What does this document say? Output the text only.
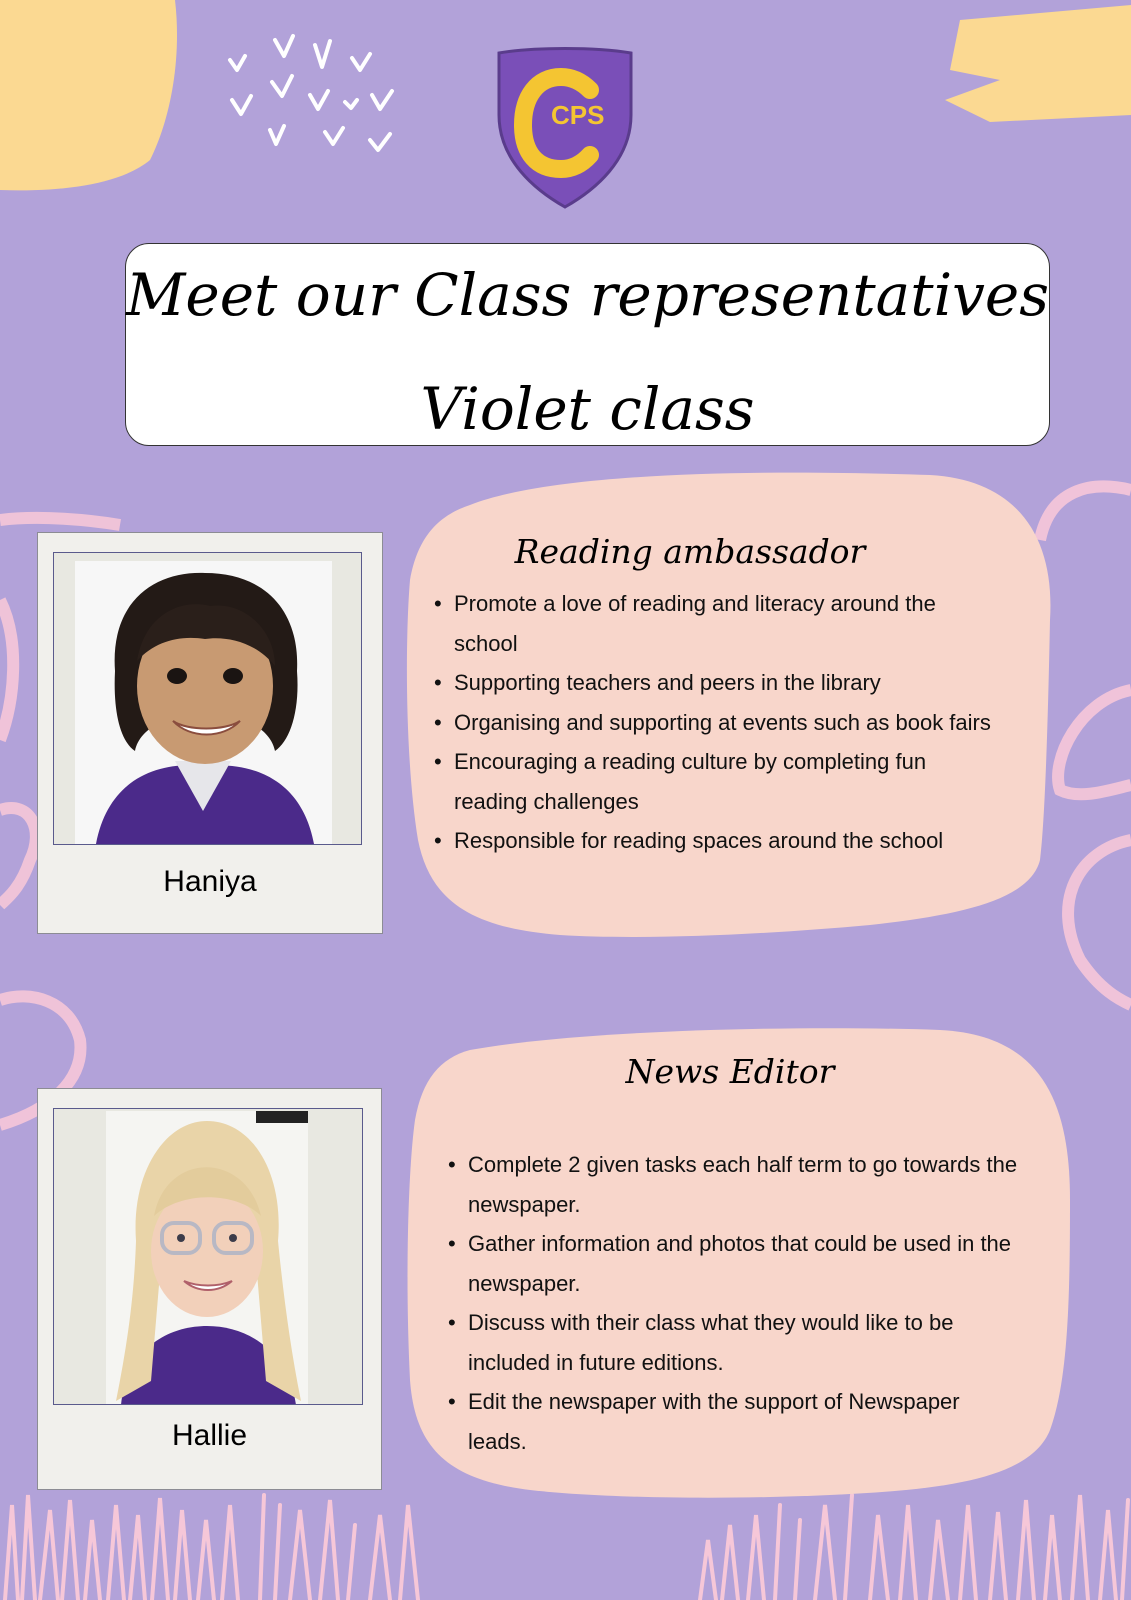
CPS
Meet our Class representatives
Violet class
Haniya
Reading ambassador
• Promote a love of reading and literacy around the school
• Supporting teachers and peers in the library
• Organising and supporting at events such as book fairs
• Encouraging a reading culture by completing fun reading challenges
• Responsible for reading spaces around the school
Hallie
News Editor
• Complete 2 given tasks each half term to go towards the newspaper.
• Gather information and photos that could be used in the newspaper.
• Discuss with their class what they would like to be included in future editions.
• Edit the newspaper with the support of Newspaper leads.
